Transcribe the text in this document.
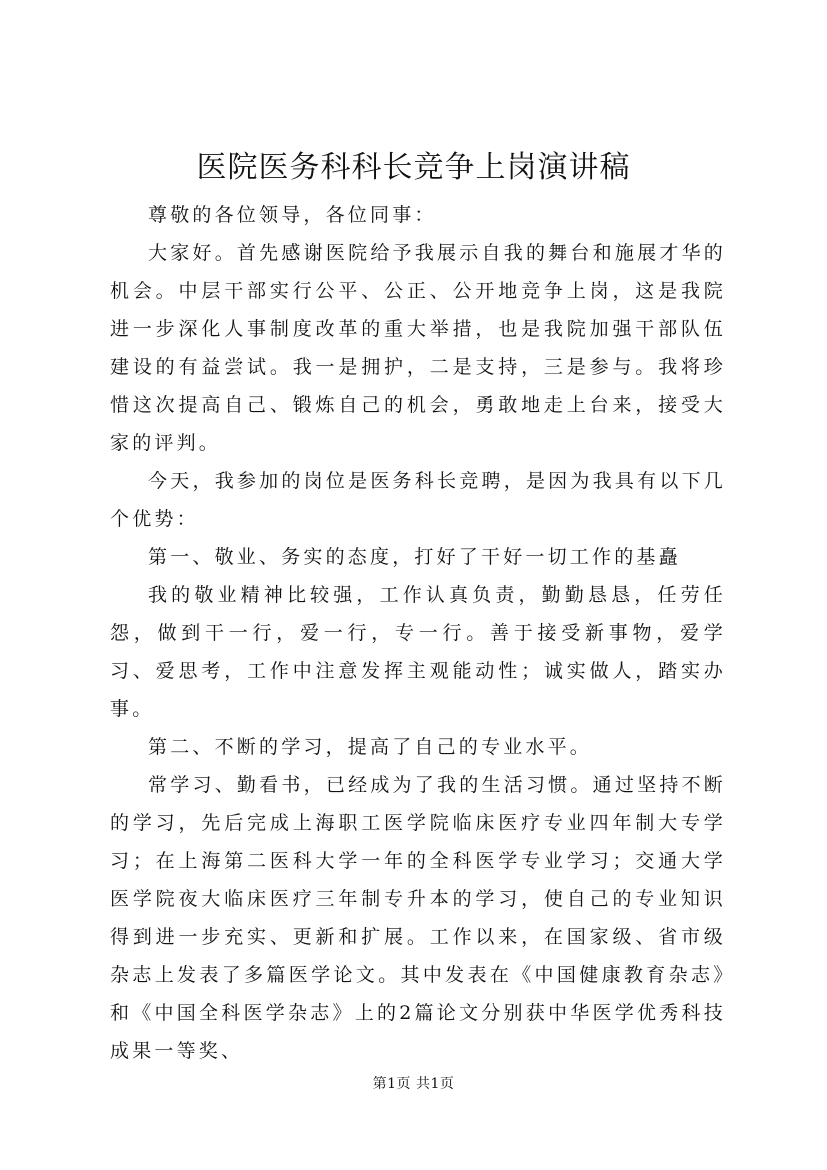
医院医务科科长竞争上岗演讲稿

尊敬的各位领导，各位同事：

大家好。首先感谢医院给予我展示自我的舞台和施展才华的机会。中层干部实行公平、公正、公开地竞争上岗，这是我院进一步深化人事制度改革的重大举措，也是我院加强干部队伍建设的有益尝试。我一是拥护，二是支持，三是参与。我将珍惜这次提高自己、锻炼自己的机会，勇敢地走上台来，接受大家的评判。

今天，我参加的岗位是医务科长竞聘，是因为我具有以下几个优势：

第一、敬业、务实的态度，打好了干好一切工作的基矗

我的敬业精神比较强，工作认真负责，勤勤恳恳，任劳任怨，做到干一行，爱一行，专一行。善于接受新事物，爱学习、爱思考，工作中注意发挥主观能动性；诚实做人，踏实办事。

第二、不断的学习，提高了自己的专业水平。

常学习、勤看书，已经成为了我的生活习惯。通过坚持不断的学习，先后完成上海职工医学院临床医疗专业四年制大专学习；在上海第二医科大学一年的全科医学专业学习；交通大学医学院夜大临床医疗三年制专升本的学习，使自己的专业知识得到进一步充实、更新和扩展。工作以来，在国家级、省市级杂志上发表了多篇医学论文。其中发表在《中国健康教育杂志》和《中国全科医学杂志》上的2篇论文分别获中华医学优秀科技成果一等奖、

第1页 共1页
